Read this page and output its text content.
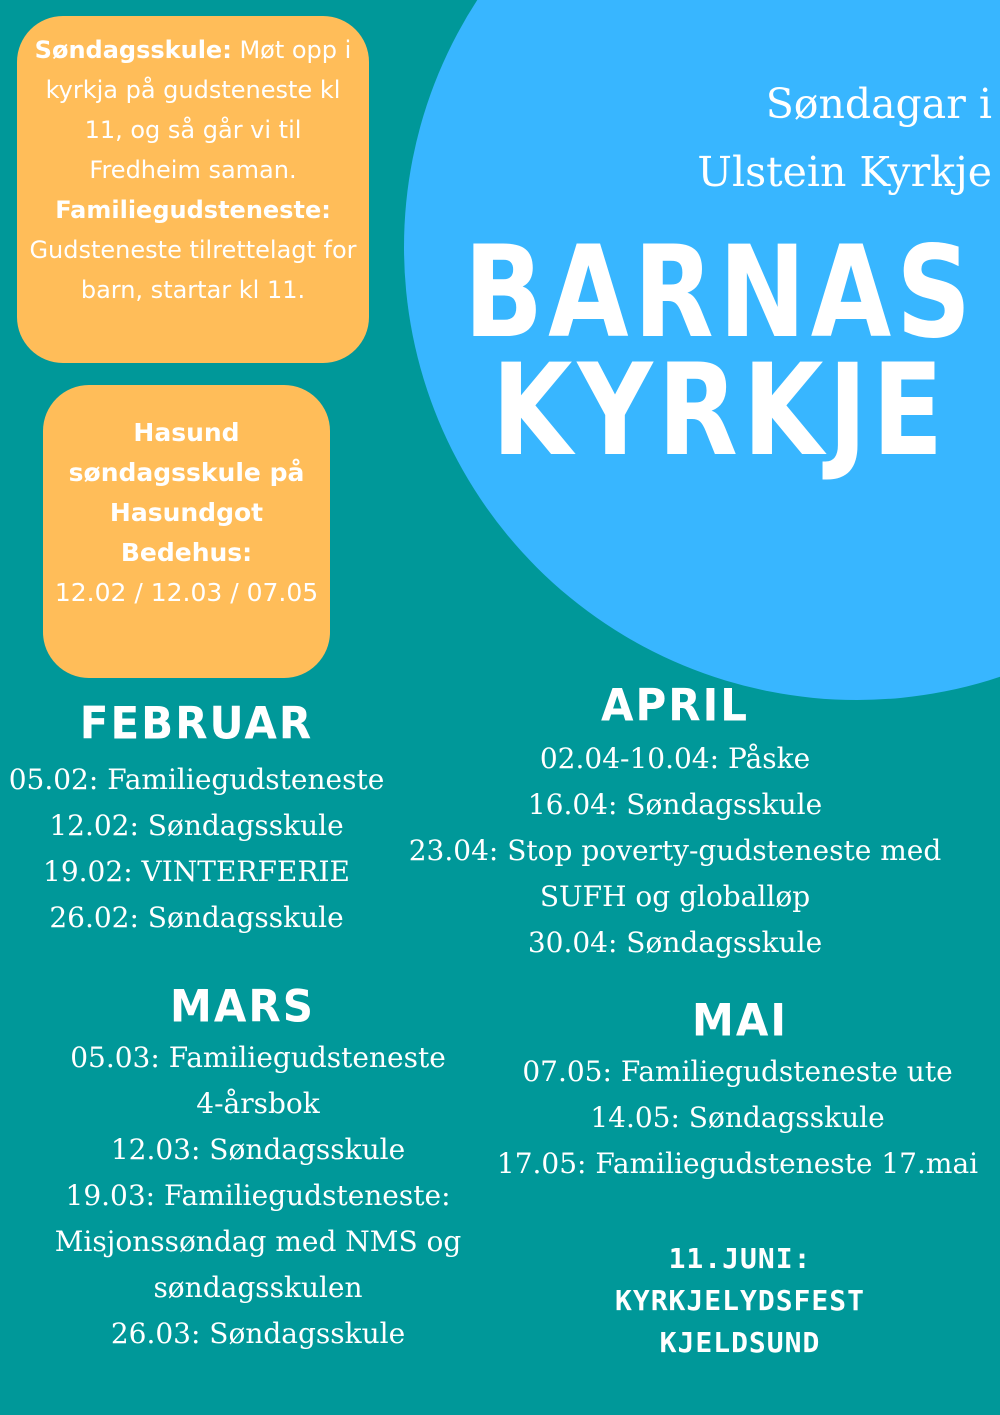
Søndagar i
Ulstein Kyrkje
BARNAS
KYRKJE
Søndagsskule: Møt opp i kyrkja på gudsteneste kl 11, og så går vi til Fredheim saman.
Familiegudsteneste: Gudsteneste tilrettelagt for barn, startar kl 11.
Hasund søndagsskule på Hasundgot Bedehus:
12.02 / 12.03 / 07.05
FEBRUAR
05.02: Familiegudsteneste
12.02: Søndagsskule
19.02: VINTERFERIE
26.02: Søndagsskule
APRIL
02.04-10.04: Påske
16.04: Søndagsskule
23.04: Stop poverty-gudsteneste med
SUFH og globalløp
30.04: Søndagsskule
MARS
05.03: Familiegudsteneste
4-årsbok
12.03: Søndagsskule
19.03: Familiegudsteneste:
Misjonssøndag med NMS og
søndagsskulen
26.03: Søndagsskule
MAI
07.05: Familiegudsteneste ute
14.05: Søndagsskule
17.05: Familiegudsteneste 17.mai
11.JUNI:
KYRKJELYDSFEST
KJELDSUND
